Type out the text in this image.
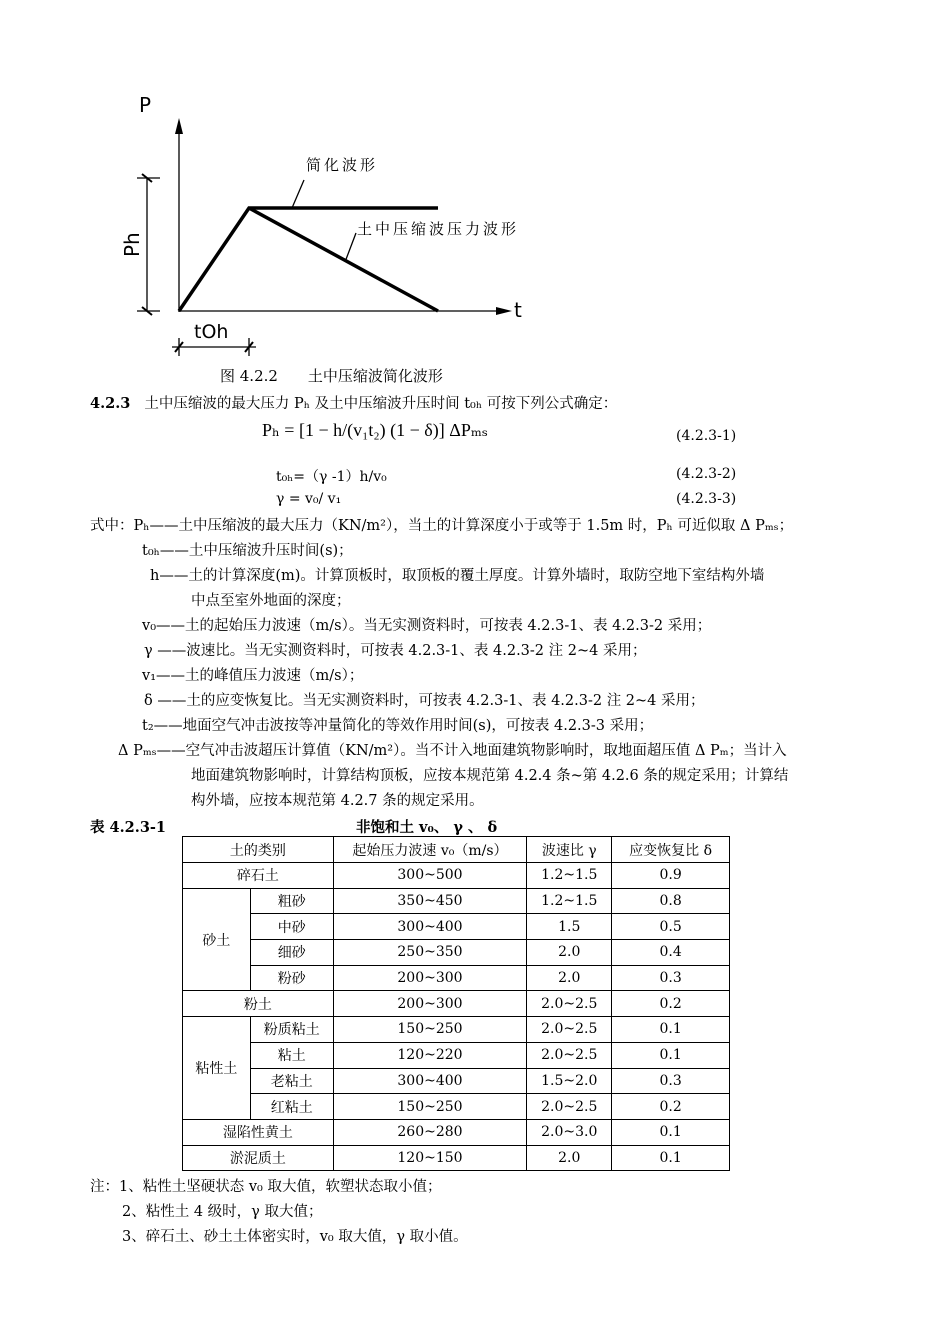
P
t
Ph
tOh
简化波形
土中压缩波压力波形
图 4.2.2　　土中压缩波简化波形
4.2.3 土中压缩波的最大压力 Pₕ 及土中压缩波升压时间 t₀ₕ 可按下列公式确定：
Pₕ = [1 − h/(v₁t₂) (1 − δ)] ΔPₘₛ	(4.2.3-1)
t₀ₕ=（γ -1）h/v₀	(4.2.3-2)
γ = v₀/ v₁	(4.2.3-3)
式中：Pₕ——土中压缩波的最大压力（KN/m²），当土的计算深度小于或等于 1.5m 时，Pₕ 可近似取 Δ Pₘₛ；
t₀ₕ——土中压缩波升压时间(s)；
h——土的计算深度(m)。计算顶板时，取顶板的覆土厚度。计算外墙时，取防空地下室结构外墙
中点至室外地面的深度；
v₀——土的起始压力波速（m/s）。当无实测资料时，可按表 4.2.3-1、表 4.2.3-2 采用；
γ ——波速比。当无实测资料时，可按表 4.2.3-1、表 4.2.3-2 注 2~4 采用；
v₁——土的峰值压力波速（m/s）；
δ ——土的应变恢复比。当无实测资料时，可按表 4.2.3-1、表 4.2.3-2 注 2~4 采用；
t₂——地面空气冲击波按等冲量简化的等效作用时间(s)，可按表 4.2.3-3 采用；
Δ Pₘₛ——空气冲击波超压计算值（KN/m²）。当不计入地面建筑物影响时，取地面超压值 Δ Pₘ；当计入
地面建筑物影响时，计算结构顶板，应按本规范第 4.2.4 条~第 4.2.6 条的规定采用；计算结
构外墙，应按本规范第 4.2.7 条的规定采用。
表 4.2.3-1	非饱和土 v₀、 γ 、 δ
土的类别		起始压力波速 v₀（m/s）	波速比 γ	应变恢复比 δ
碎石土		300~500	1.2~1.5	0.9
砂土	粗砂	350~450	1.2~1.5	0.8
	中砂	300~400	1.5	0.5
	细砂	250~350	2.0	0.4
	粉砂	200~300	2.0	0.3
粉土		200~300	2.0~2.5	0.2
粘性土	粉质粘土	150~250	2.0~2.5	0.1
	粘土	120~220	2.0~2.5	0.1
	老粘土	300~400	1.5~2.0	0.3
	红粘土	150~250	2.0~2.5	0.2
湿陷性黄土		260~280	2.0~3.0	0.1
淤泥质土		120~150	2.0	0.1
注：1、粘性土坚硬状态 v₀ 取大值，软塑状态取小值；
2、粘性土 4 级时，γ 取大值；
3、碎石土、砂土土体密实时，v₀ 取大值，γ 取小值。
